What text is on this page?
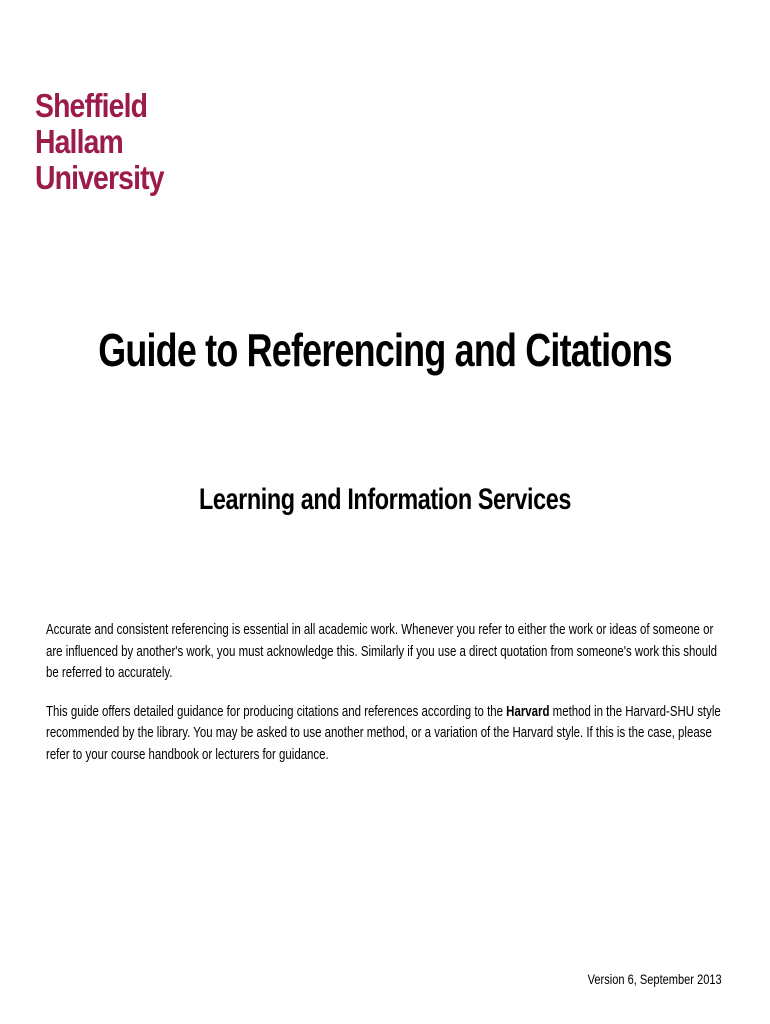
Sheffield
Hallam
University
Guide to Referencing and Citations
Learning and Information Services

Accurate and consistent referencing is essential in all academic work. Whenever you refer to either the work or ideas of someone or are influenced by another's work, you must acknowledge this. Similarly if you use a direct quotation from someone's work this should be referred to accurately.

This guide offers detailed guidance for producing citations and references according to the Harvard method in the Harvard-SHU style recommended by the library. You may be asked to use another method, or a variation of the Harvard style. If this is the case, please refer to your course handbook or lecturers for guidance.

Version 6, September 2013
